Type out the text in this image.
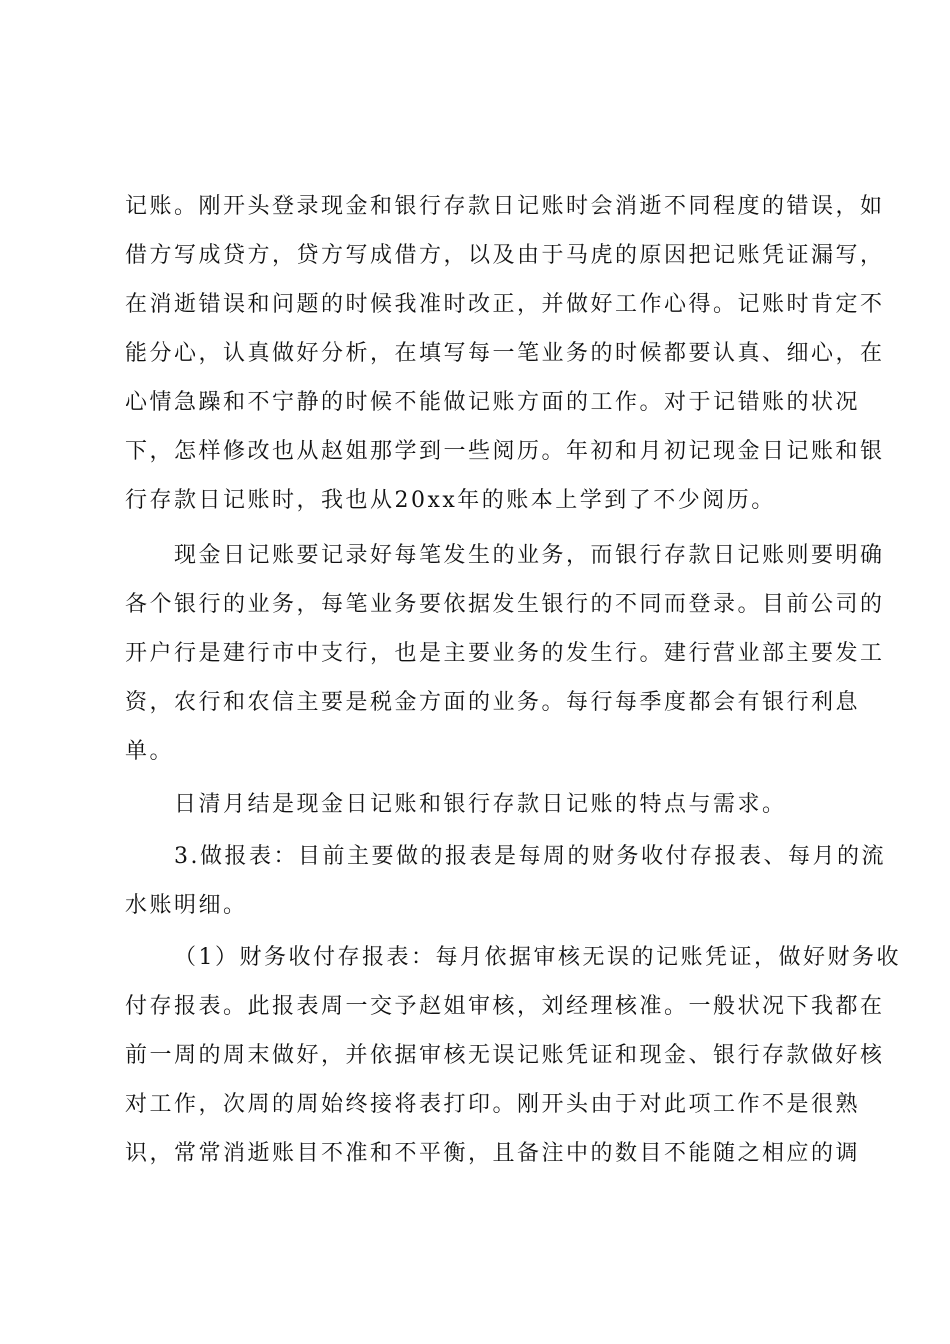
记账。刚开头登录现金和银行存款日记账时会消逝不同程度的错误，如
借方写成贷方，贷方写成借方，以及由于马虎的原因把记账凭证漏写，
在消逝错误和问题的时候我准时改正，并做好工作心得。记账时肯定不
能分心，认真做好分析，在填写每一笔业务的时候都要认真、细心，在
心情急躁和不宁静的时候不能做记账方面的工作。对于记错账的状况
下，怎样修改也从赵姐那学到一些阅历。年初和月初记现金日记账和银
行存款日记账时，我也从20xx年的账本上学到了不少阅历。
现金日记账要记录好每笔发生的业务，而银行存款日记账则要明确
各个银行的业务，每笔业务要依据发生银行的不同而登录。目前公司的
开户行是建行市中支行，也是主要业务的发生行。建行营业部主要发工
资，农行和农信主要是税金方面的业务。每行每季度都会有银行利息
单。
日清月结是现金日记账和银行存款日记账的特点与需求。
3.做报表：目前主要做的报表是每周的财务收付存报表、每月的流
水账明细。
（1）财务收付存报表：每月依据审核无误的记账凭证，做好财务收
付存报表。此报表周一交予赵姐审核，刘经理核准。一般状况下我都在
前一周的周末做好，并依据审核无误记账凭证和现金、银行存款做好核
对工作，次周的周始终接将表打印。刚开头由于对此项工作不是很熟
识，常常消逝账目不准和不平衡，且备注中的数目不能随之相应的调
